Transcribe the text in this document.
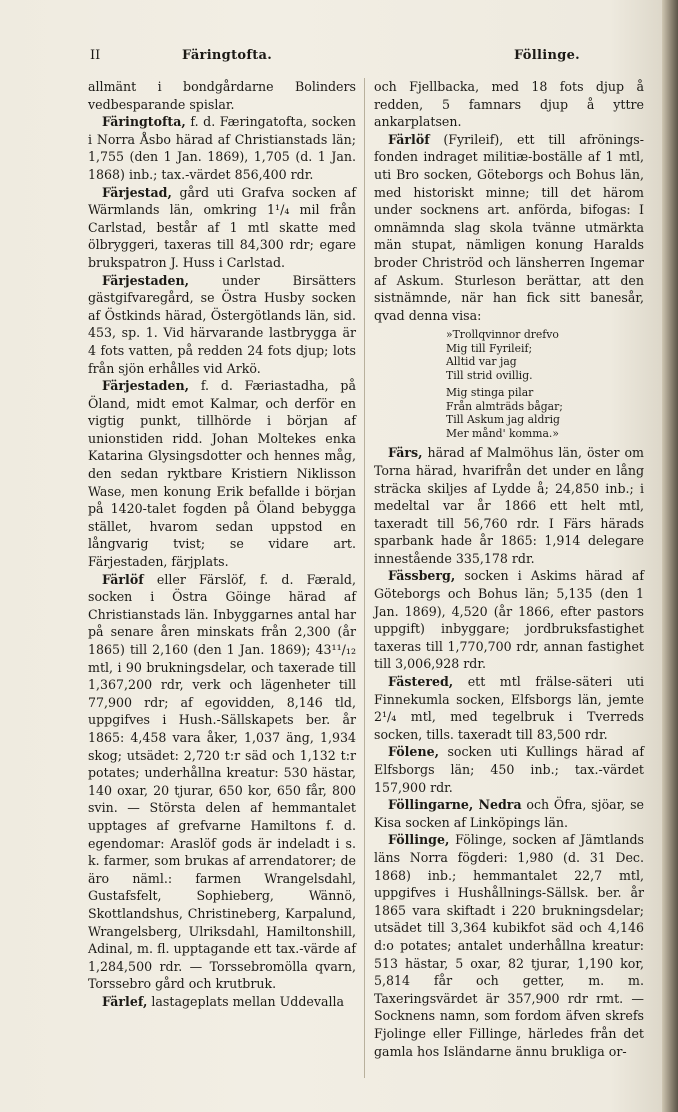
II	Färingtofta.	Föllinge.

allmänt i bondgårdarne Bolinders vedbesparande spislar.

Färingtofta, f. d. Færingatofta, socken i Norra Åsbo härad af Christianstads län; 1,755 (den 1 Jan. 1869), 1,705 (d. 1 Jan. 1868) inb.; tax.-värdet 856,400 rdr.

Färjestad, gård uti Grafva socken af Wärmlands län, omkring 1¹/₄ mil från Carlstad, består af 1 mtl skatte med ölbryggeri, taxeras till 84,300 rdr; egare brukspatron J. Huss i Carlstad.

Färjestaden, under Birsätters gästgifvaregård, se Östra Husby socken af Östkinds härad, Östergötlands län, sid. 453, sp. 1. Vid härvarande lastbrygga är 4 fots vatten, på redden 24 fots djup; lots från sjön erhålles vid Arkö.

Färjestaden, f. d. Færiastadha, på Öland, midt emot Kalmar, och derför en vigtig punkt, tillhörde i början af unionstiden ridd. Johan Moltekes enka Katarina Glysingsdotter och hennes måg, den sedan ryktbare Kristiern Niklisson Wase, men konung Erik befallde i början på 1420-talet fogden på Öland bebygga stället, hvarom sedan uppstod en långvarig tvist; se vidare art. Färjestaden, färjplats.

Färlöf eller Färslöf, f. d. Færald, socken i Östra Göinge härad af Christianstads län. Inbyggarnes antal har på senare åren minskats från 2,300 (år 1865) till 2,160 (den 1 Jan. 1869); 43¹¹/₁₂ mtl, i 90 brukningsdelar, och taxerade till 1,367,200 rdr, verk och lägenheter till 77,900 rdr; af egovidden, 8,146 tld, uppgifves i Hush.-Sällskapets ber. år 1865: 4,458 vara åker, 1,037 äng, 1,934 skog; utsädet: 2,720 t:r säd och 1,132 t:r potates; underhållna kreatur: 530 hästar, 140 oxar, 20 tjurar, 650 kor, 650 får, 800 svin. — Största delen af hemmantalet upptages af grefvarne Hamiltons f. d. egendomar: Araslöf gods är indeladt i s. k. farmer, som brukas af arrendatorer; de äro näml.: farmen Wrangelsdahl, Gustafsfelt, Sophieberg, Wännö, Skottlandshus, Christineberg, Karpalund, Wrangelsberg, Ulriksdahl, Hamiltonshill, Adinal, m. fl. upptagande ett tax.-värde af 1,284,500 rdr. — Torssebromölla qvarn, Torssebro gård och krutbruk.

Färlef, lastageplats mellan Uddevalla

och Fjellbacka, med 18 fots djup å redden, 5 famnars djup å yttre ankarplatsen.

Färlöf (Fyrileif), ett till afrönings-fonden indraget militiæ-boställe af 1 mtl, uti Bro socken, Göteborgs och Bohus län, med historiskt minne; till det härom under socknens art. anförda, bifogas: I omnämnda slag skola tvänne utmärkta män stupat, nämligen konung Haralds broder Christröd och länsherren Ingemar af Askum. Sturleson berättar, att den sistnämnde, när han fick sitt banesår, qvad denna visa:

»Trollqvinnor drefvo
Mig till Fyrileif;
Alltid var jag
Till strid ovillig.
Mig stinga pilar
Från almträds bågar;
Till Askum jag aldrig
Mer månd' komma.»

Färs, härad af Malmöhus län, öster om Torna härad, hvarifrån det under en lång sträcka skiljes af Lydde å; 24,850 inb.; i medeltal var år 1866 ett helt mtl, taxeradt till 56,760 rdr. I Färs härads sparbank hade år 1865: 1,914 delegare innestående 335,178 rdr.

Fässberg, socken i Askims härad af Göteborgs och Bohus län; 5,135 (den 1 Jan. 1869), 4,520 (år 1866, efter pastors uppgift) inbyggare; jordbruksfastighet taxeras till 1,770,700 rdr, annan fastighet till 3,006,928 rdr.

Fästered, ett mtl frälse-säteri uti Finnekumla socken, Elfsborgs län, jemte 2¹/₄ mtl, med tegelbruk i Tverreds socken, tills. taxeradt till 83,500 rdr.

Fölene, socken uti Kullings härad af Elfsborgs län; 450 inb.; tax.-värdet 157,900 rdr.

Föllingarne, Nedra och Öfra, sjöar, se Kisa socken af Linköpings län.

Föllinge, Fölinge, socken af Jämtlands läns Norra fögderi: 1,980 (d. 31 Dec. 1868) inb.; hemmantalet 22,7 mtl, uppgifves i Hushållnings-Sällsk. ber. år 1865 vara skiftadt i 220 brukningsdelar; utsädet till 3,364 kubikfot säd och 4,146 d:o potates; antalet underhållna kreatur: 513 hästar, 5 oxar, 82 tjurar, 1,190 kor, 5,814 får och getter, m. m. Taxeringsvärdet är 357,900 rdr rmt. — Socknens namn, som fordom äfven skrefs Fjolinge eller Fillinge, härledes från det gamla hos Isländarne ännu brukliga or-
